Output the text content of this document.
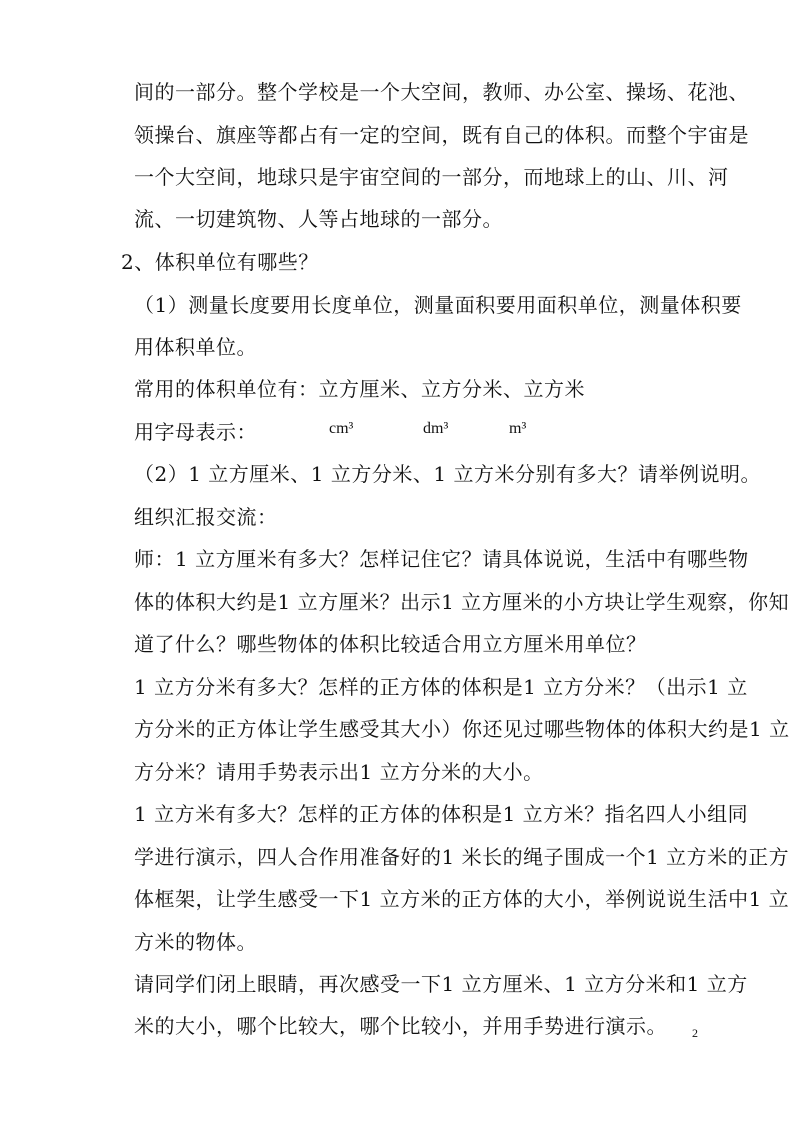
间的一部分。整个学校是一个大空间，教师、办公室、操场、花池、
领操台、旗座等都占有一定的空间，既有自己的体积。而整个宇宙是
一个大空间，地球只是宇宙空间的一部分，而地球上的山、川、河
流、一切建筑物、人等占地球的一部分。
2、体积单位有哪些？
（1）测量长度要用长度单位，测量面积要用面积单位，测量体积要
用体积单位。
常用的体积单位有：立方厘米、立方分米、立方米
用字母表示：	cm³	dm³	m³
（2）1 立方厘米、1 立方分米、1 立方米分别有多大？请举例说明。
组织汇报交流：
师：1 立方厘米有多大？怎样记住它？请具体说说，生活中有哪些物
体的体积大约是1 立方厘米？出示1 立方厘米的小方块让学生观察，你知
道了什么？哪些物体的体积比较适合用立方厘米用单位？
1 立方分米有多大？怎样的正方体的体积是1 立方分米？（出示1 立
方分米的正方体让学生感受其大小）你还见过哪些物体的体积大约是1 立
方分米？请用手势表示出1 立方分米的大小。
1 立方米有多大？怎样的正方体的体积是1 立方米？指名四人小组同
学进行演示，四人合作用准备好的1 米长的绳子围成一个1 立方米的正方
体框架，让学生感受一下1 立方米的正方体的大小，举例说说生活中1 立
方米的物体。
请同学们闭上眼睛，再次感受一下1 立方厘米、1 立方分米和1 立方
米的大小，哪个比较大，哪个比较小，并用手势进行演示。 2
